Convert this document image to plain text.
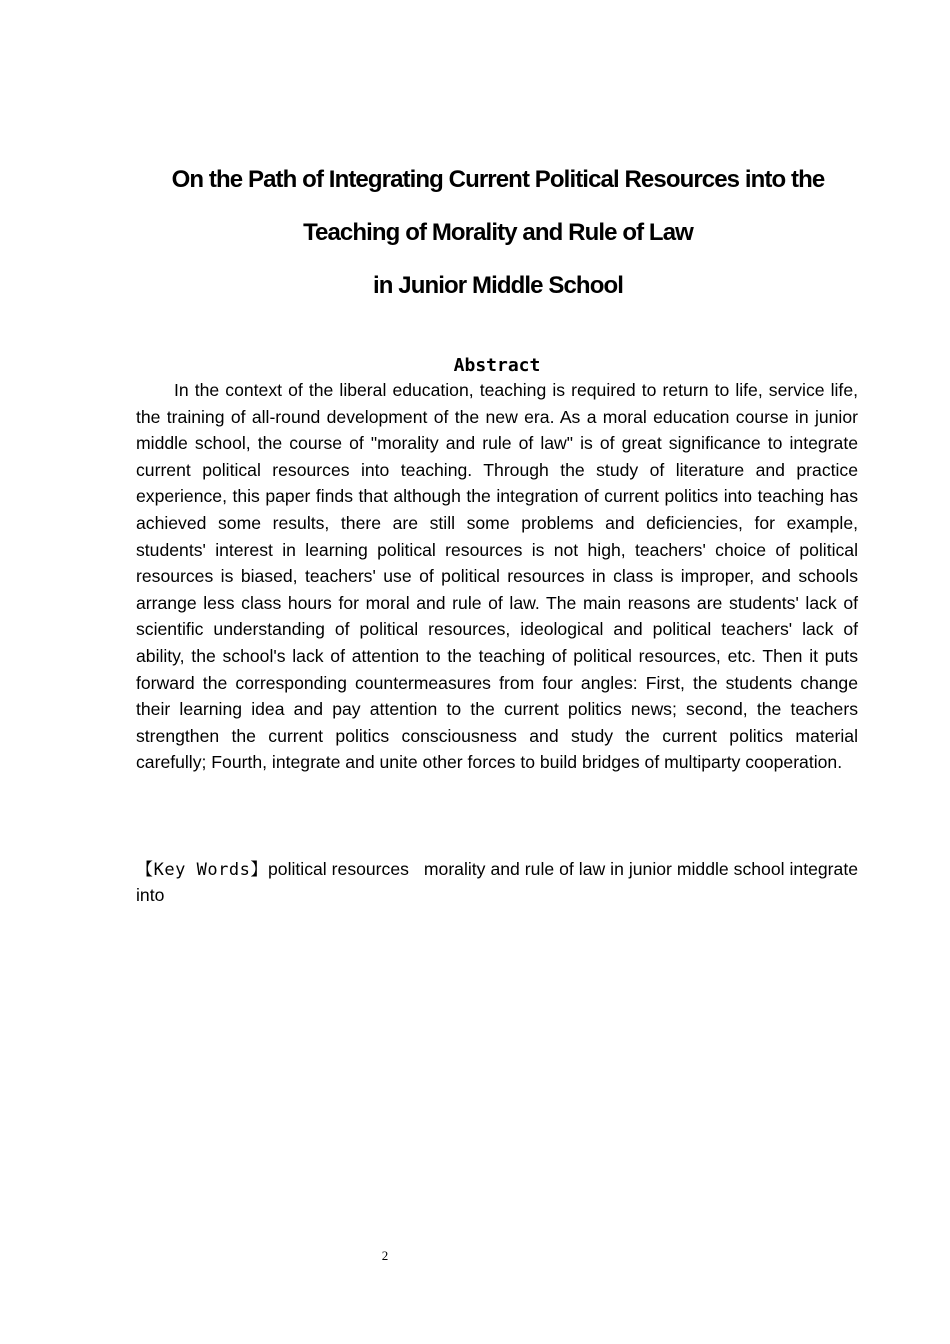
On the Path of Integrating Current Political Resources into the
Teaching of Morality and Rule of Law
in Junior Middle School
Abstract

In the context of the liberal education, teaching is required to return to life, service life, the training of all-round development of the new era. As a moral education course in junior middle school, the course of "morality and rule of law" is of great significance to integrate current political resources into teaching. Through the study of literature and practice experience, this paper finds that although the integration of current politics into teaching has achieved some results, there are still some problems and deficiencies, for example, students' interest in learning political resources is not high, teachers' choice of political resources is biased, teachers' use of political resources in class is improper, and schools arrange less class hours for moral and rule of law. The main reasons are students' lack of scientific understanding of political resources, ideological and political teachers' lack of ability, the school's lack of attention to the teaching of political resources, etc. Then it puts forward the corresponding countermeasures from four angles: First, the students change their learning idea and pay attention to the current politics news; second, the teachers strengthen the current politics consciousness and study the current politics material carefully; Fourth, integrate and unite other forces to build bridges of multiparty cooperation.

【Key Words】political resources   morality and rule of law in junior middle school integrate into

2
